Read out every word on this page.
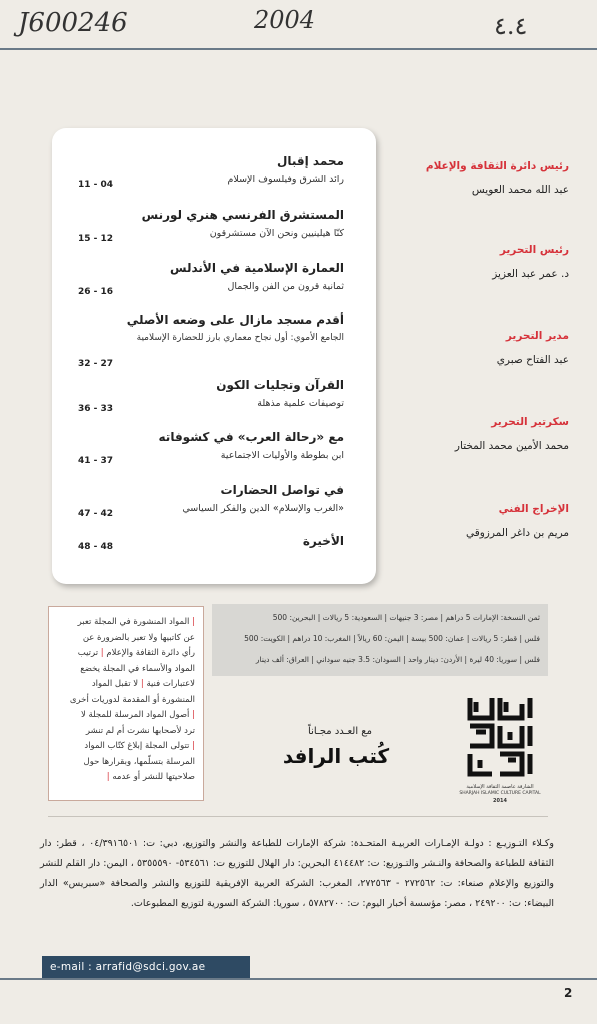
J600246	2004	٤.٤
محمد إقبال
رائد الشرق وفيلسوف الإسلام
11 - 04
المستشرق الفرنسي هنري لورنس
كنّا هيلينيين ونحن الآن مستشرقون
15 - 12
العمارة الإسلامية في الأندلس
ثمانية قرون من الفن والجمال
26 - 16
أقدم مسجد مازال على وضعه الأصلي
الجامع الأموي: أول نجاح معماري بارز للحضارة الإسلامية
32 - 27
القرآن وتجليات الكون
توصيفات علمية مذهلة
36 - 33
مع «رحالة العرب» في كشوفاته
ابن بطوطة والأوليات الاجتماعية
41 - 37
في تواصل الحضارات
«الغرب والإسلام» الدين والفكر السياسي
47 - 42
الأخيرة
48 - 48
رئيس دائرة الثقافة والإعلام
عبد الله محمد العويس
رئيس التحرير
د. عمر عبد العزيز
مدير التحرير
عبد الفتاح صبري
سكرتير التحرير
محمد الأمين محمد المختار
الإخراج الفني
مريم بن داغر المرزوقي
| المواد المنشورة في المجلة تعبر
عن كاتبيها ولا تعبر بالضرورة عن
رأي دائرة الثقافة والإعلام | ترتيب
المواد والأسماء في المجلة يخضع
لاعتبارات فنية | لا تقبل المواد
المنشورة أو المقدمة لدوريات أخرى
| أصول المواد المرسلة للمجلة لا
ترد لأصحابها نشرت أم لم تنشر
| تتولى المجلة إبلاغ كتّاب المواد
المرسلة بتسلّمها، وبقرارها حول
صلاحيتها للنشر أو عدمه |
ثمن النسخة: الإمارات 5 دراهم | مصر: 3 جنيهات | السعودية: 5 ريالات | البحرين: 500
فلس | قطر: 5 ريالات | عمان: 500 بيسة | اليمن: 60 ريالاً | المغرب: 10 دراهم | الكويت: 500
فلس | سوريا: 40 ليرة | الأردن: دينار واحد | السودان: 3.5 جنيه سوداني | العراق: ألف دينار
مع العـدد مجـاناً
كُتب الرافد
الشارقة عاصمة الثقافة الإسلامية
SHARJAH ISLAMIC CULTURE CAPITAL
2014
وكـلاء التـوزيـع : دولـة الإمـارات العربيـة المتحـدة: شركة الإمارات للطباعة والنشر والتوزيع، دبي: ت: ٠٤/٣٩١٦٥٠١ ، قطر: دار الثقافة للطباعة والصحافة والنـشر والتـوزيع: ت: ٤١٤٤٨٢ البحرين: دار الهلال للتوزيع ت: ٥٣٤٥٦١- ٥٣٥٥٥٩٠ ، اليمن: دار القلم للنشر والتوزيع والإعلام صنعاء: ت: ٢٧٢٥٦٢ - ٢٧٢٥٦٣، المغرب: الشركة العربية الإفريقية للتوزيع والنشر والصحافة «سبريس» الدار البيضاء: ت: ٢٤٩٢٠٠ ، مصر: مؤسسة أخبار اليوم: ت: ٥٧٨٢٧٠٠ ، سوريا: الشركة السورية لتوزيع المطبوعات.
e-mail : arrafid@sdci.gov.ae
2
